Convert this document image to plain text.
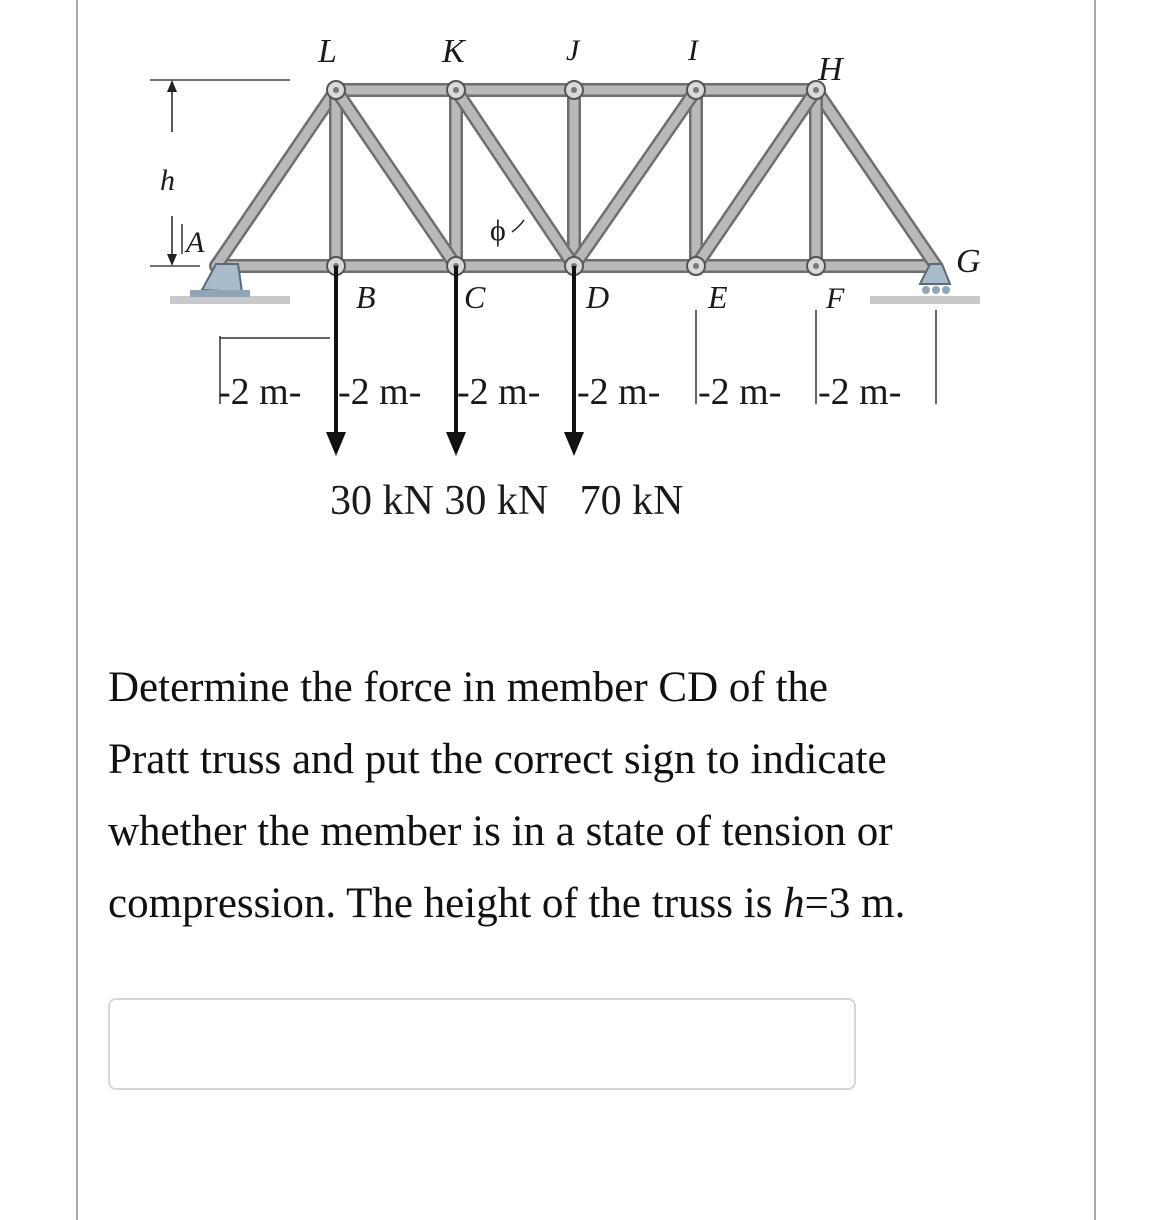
h
ϕ
L	K	J	I
H
A
B	C	D	E	F
G
-2 m- -2 m- -2 m- -2 m- -2 m- -2 m-
30 kN 30 kN   70 kN
Determine the force in member CD of the
Pratt truss and put the correct sign to indicate
whether the member is in a state of tension or
compression. The height of the truss is h=3 m.
